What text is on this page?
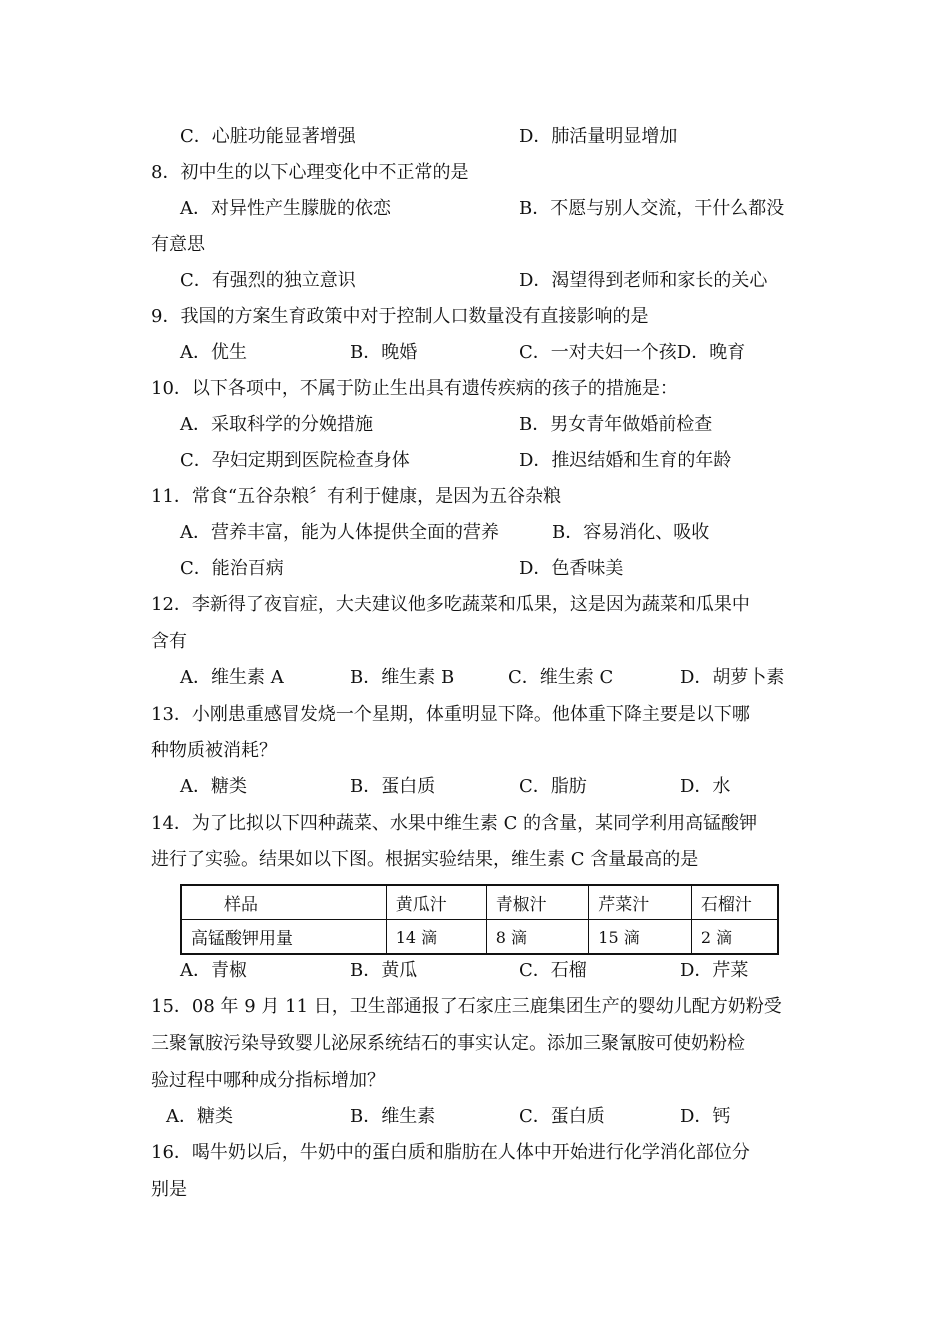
C．心脏功能显著增强	D．肺活量明显增加
8．初中生的以下心理变化中不正常的是
A．对异性产生朦胧的依恋	B．不愿与别人交流，干什么都没
有意思
C．有强烈的独立意识	D．渴望得到老师和家长的关心
9．我国的方案生育政策中对于控制人口数量没有直接影响的是
A．优生	B．晚婚	C．一对夫妇一个孩D．晚育
10．以下各项中，不属于防止生出具有遗传疾病的孩子的措施是：
A．采取科学的分娩措施	B．男女青年做婚前检查
C．孕妇定期到医院检查身体	D．推迟结婚和生育的年龄
11．常食“五谷杂粮〞有利于健康，是因为五谷杂粮
A．营养丰富，能为人体提供全面的营养	B．容易消化、吸收
C．能治百病	D．色香味美
12．李新得了夜盲症，大夫建议他多吃蔬菜和瓜果，这是因为蔬菜和瓜果中
含有
A．维生素 A	B．维生素 B	C．维生索 C	D．胡萝卜素
13．小刚患重感冒发烧一个星期，体重明显下降。他体重下降主要是以下哪
种物质被消耗？
A．糖类	B．蛋白质	C．脂肪	D．水
14．为了比拟以下四种蔬菜、水果中维生素 C 的含量，某同学利用高锰酸钾
进行了实验。结果如以下图。根据实验结果，维生素 C 含量最高的是
样品	黄瓜汁	青椒汁	芹菜汁	石榴汁
高锰酸钾用量	14 滴	8 滴	15 滴	2 滴
A．青椒	B．黄瓜	C．石榴	D．芹菜
15．08 年 9 月 11 日，卫生部通报了石家庄三鹿集团生产的婴幼儿配方奶粉受
三聚氰胺污染导致婴儿泌尿系统结石的事实认定。添加三聚氰胺可使奶粉检
验过程中哪种成分指标增加？
A．糖类	B．维生素	C．蛋白质	D．钙
16．喝牛奶以后，牛奶中的蛋白质和脂肪在人体中开始进行化学消化部位分
别是
